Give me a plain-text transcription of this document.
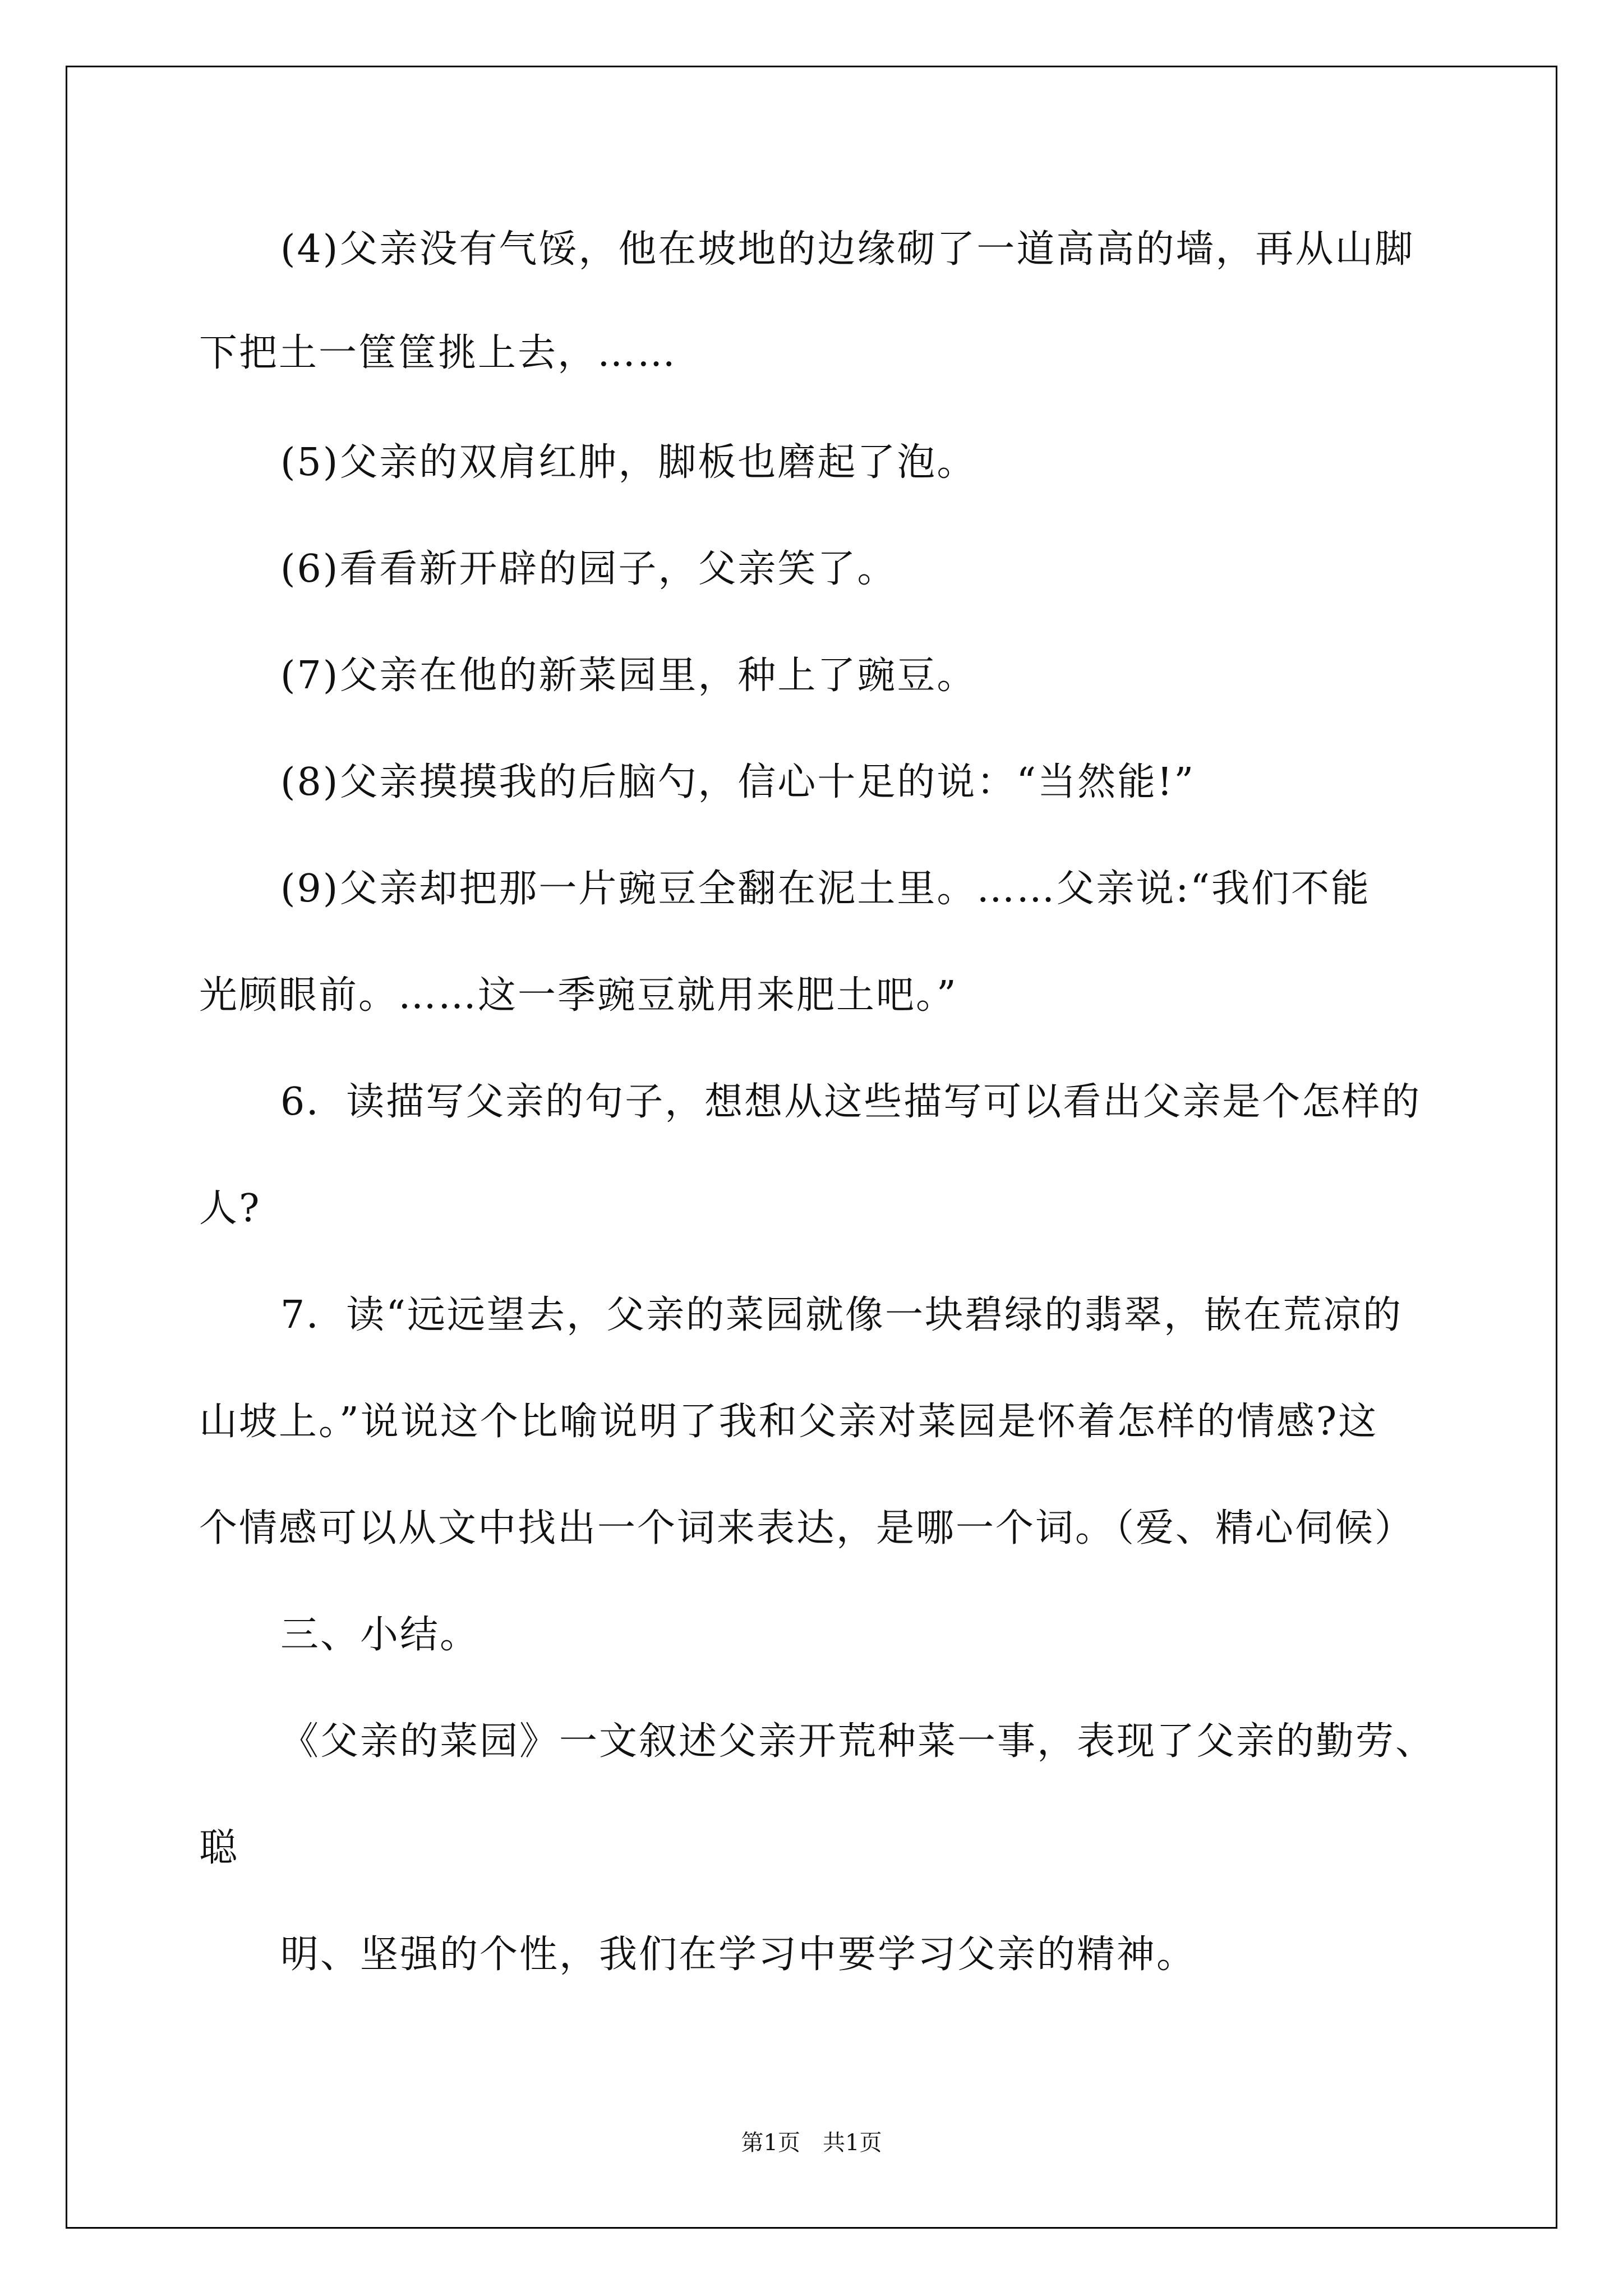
(4)父亲没有气馁，他在坡地的边缘砌了一道高高的墙，再从山脚

下把土一筐筐挑上去，……

(5)父亲的双肩红肿，脚板也磨起了泡。

(6)看看新开辟的园子，父亲笑了。

(7)父亲在他的新菜园里，种上了豌豆。

(8)父亲摸摸我的后脑勺，信心十足的说：“当然能!”

(9)父亲却把那一片豌豆全翻在泥土里。……父亲说:“我们不能

光顾眼前。……这一季豌豆就用来肥土吧。”

6．读描写父亲的句子，想想从这些描写可以看出父亲是个怎样的

人?

7．读“远远望去，父亲的菜园就像一块碧绿的翡翠，嵌在荒凉的

山坡上。”说说这个比喻说明了我和父亲对菜园是怀着怎样的情感?这

个情感可以从文中找出一个词来表达，是哪一个词。（爱、精心伺候）

三、小结。

《父亲的菜园》一文叙述父亲开荒种菜一事，表现了父亲的勤劳、

聪

明、坚强的个性，我们在学习中要学习父亲的精神。

第1页　共1页
